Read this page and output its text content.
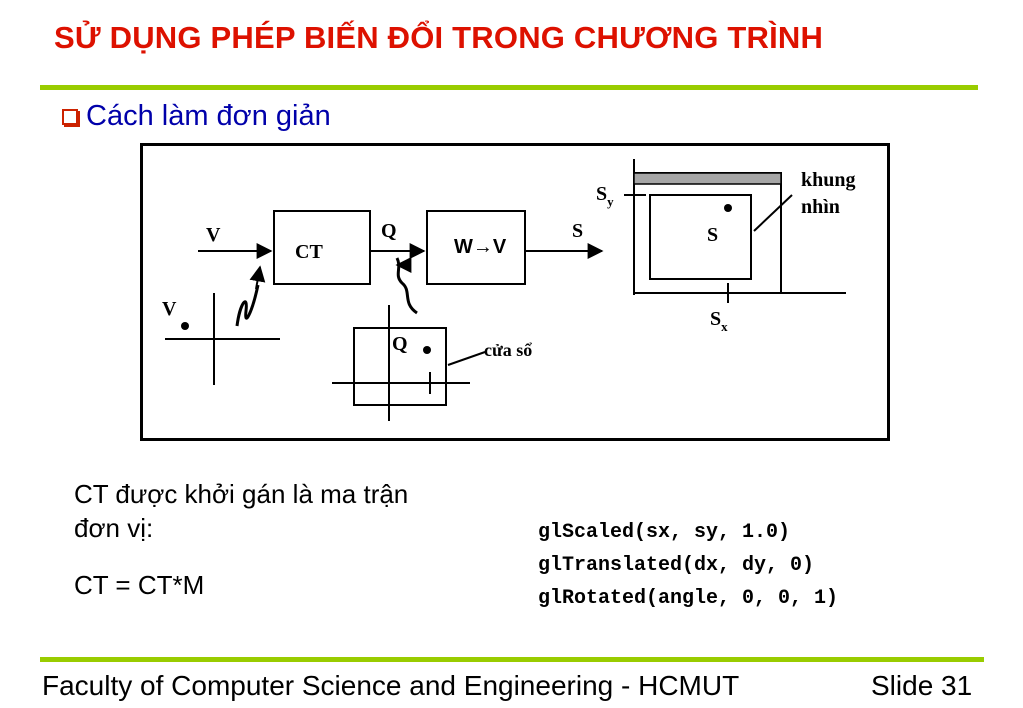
SỬ DỤNG PHÉP BIẾN ĐỔI TRONG CHƯƠNG TRÌNH
Cách làm đơn giản
V
CT
Q
W→V
S
V
Q	cửa sổ
S
$S_y$
$S_x$
khung
nhìn
CT được khởi gán là ma trận
đơn vị:
CT = CT*M
glScaled(sx, sy, 1.0)
glTranslated(dx, dy, 0)
glRotated(angle, 0, 0, 1)
Faculty of Computer Science and Engineering - HCMUT	Slide 31
